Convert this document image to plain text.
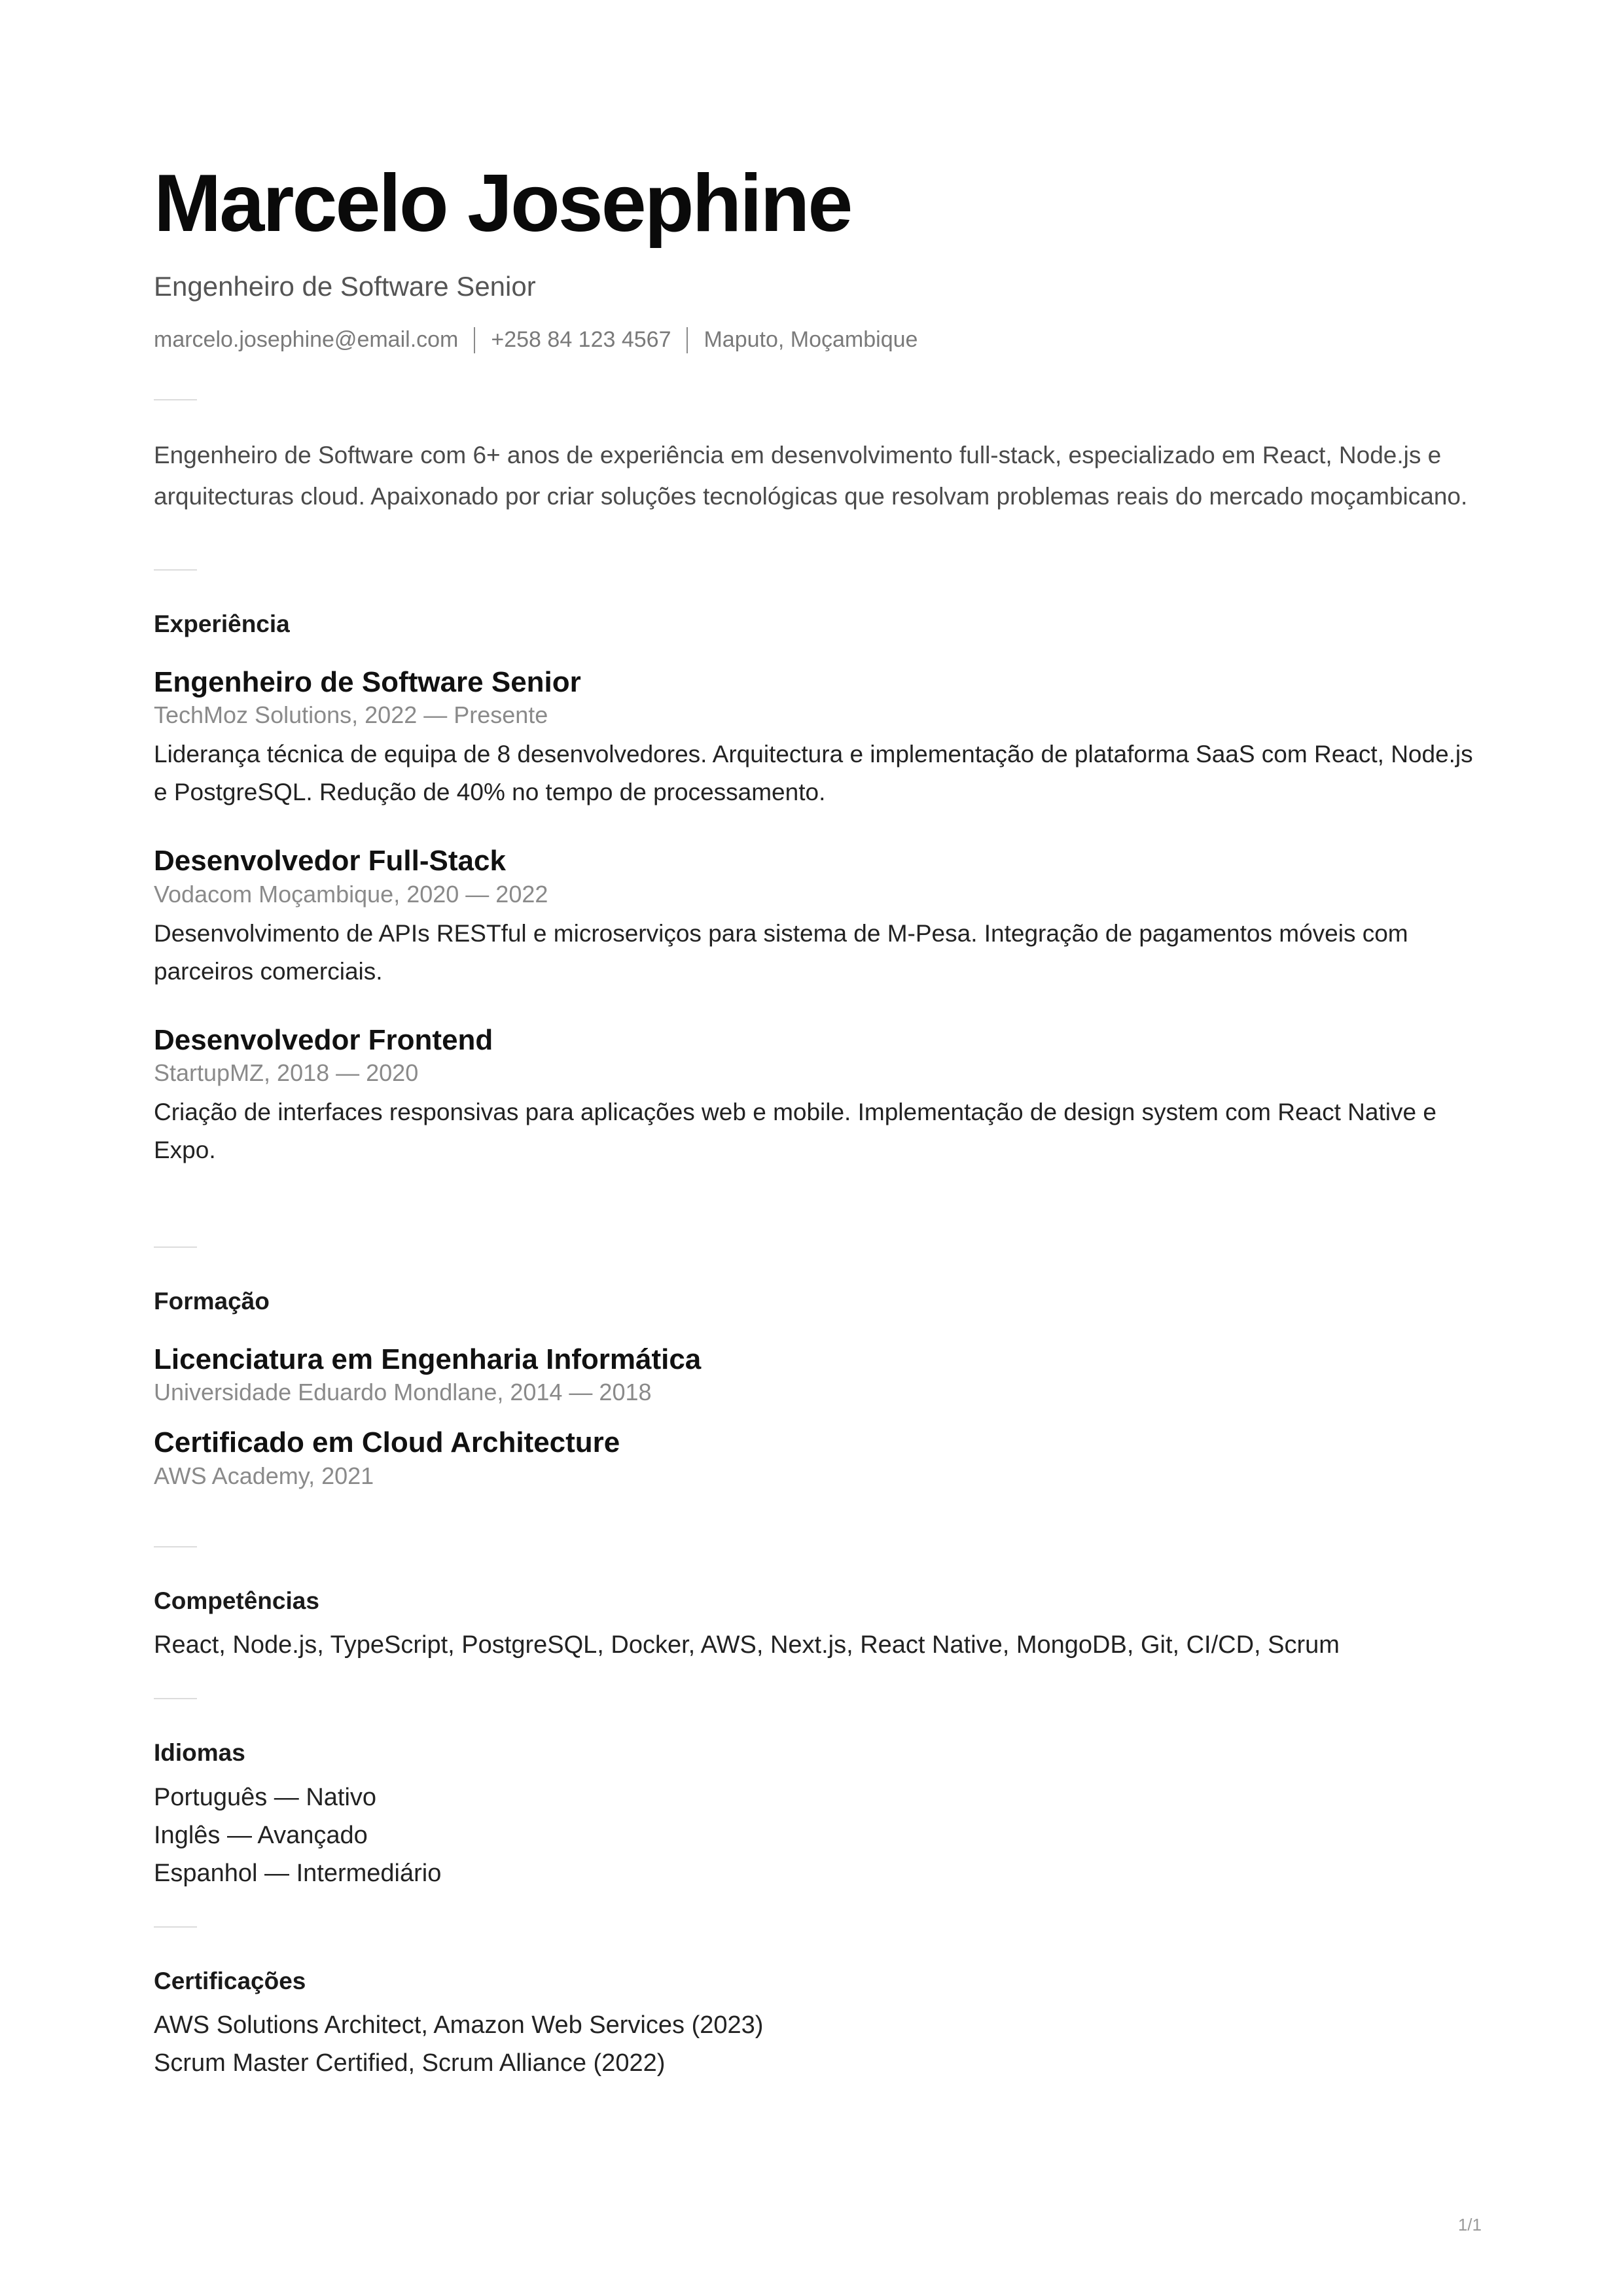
Marcelo Josephine
Engenheiro de Software Senior
marcelo.josephine@email.com +258 84 123 4567 Maputo, Moçambique
Engenheiro de Software com 6+ anos de experiência em desenvolvimento full-stack, especializado em React, Node.js e arquitecturas cloud. Apaixonado por criar soluções tecnológicas que resolvam problemas reais do mercado moçambicano.
Experiência
Engenheiro de Software Senior
TechMoz Solutions, 2022 — Presente
Liderança técnica de equipa de 8 desenvolvedores. Arquitectura e implementação de plataforma SaaS com React, Node.js e PostgreSQL. Redução de 40% no tempo de processamento.
Desenvolvedor Full-Stack
Vodacom Moçambique, 2020 — 2022
Desenvolvimento de APIs RESTful e microserviços para sistema de M-Pesa. Integração de pagamentos móveis com parceiros comerciais.
Desenvolvedor Frontend
StartupMZ, 2018 — 2020
Criação de interfaces responsivas para aplicações web e mobile. Implementação de design system com React Native e Expo.
Formação
Licenciatura em Engenharia Informática
Universidade Eduardo Mondlane, 2014 — 2018
Certificado em Cloud Architecture
AWS Academy, 2021
Competências
React, Node.js, TypeScript, PostgreSQL, Docker, AWS, Next.js, React Native, MongoDB, Git, CI/CD, Scrum
Idiomas
Português — Nativo
Inglês — Avançado
Espanhol — Intermediário
Certificações
AWS Solutions Architect, Amazon Web Services (2023)
Scrum Master Certified, Scrum Alliance (2022)
1/1
